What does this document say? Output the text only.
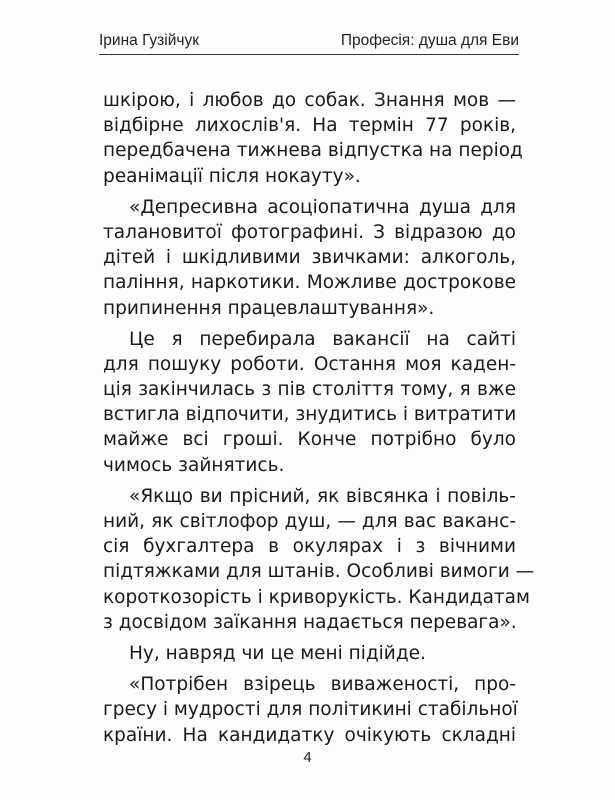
Ірина Гузійчук	Професія: душа для Еви
шкірою, і любов до собак. Знання мов —
відбірне лихослів'я. На термін 77 років,
передбачена тижнева відпустка на період
реанімації після нокауту».
«Депресивна асоціопатична душа для
талановитої фотографині. З відразою до
дітей і шкідливими звичками: алкоголь,
паління, наркотики. Можливе дострокове
припинення працевлаштування».
Це я перебирала вакансії на сайті
для пошуку роботи. Остання моя каден-
ція закінчилась з пів століття тому, я вже
встигла відпочити, знудитись і витратити
майже всі гроші. Конче потрібно було
чимось зайнятись.
«Якщо ви прісний, як вівсянка і повіль-
ний, як світлофор душ, — для вас ваканс-
сія бухгалтера в окулярах і з вічними
підтяжками для штанів. Особливі вимоги —
короткозорість і криворукість. Кандидатам
з досвідом заїкання надається перевага».
Ну, навряд чи це мені підійде.
«Потрібен взірець виваженості, про-
гресу і мудрості для політикині стабільної
країни. На кандидатку очікують складні
4
